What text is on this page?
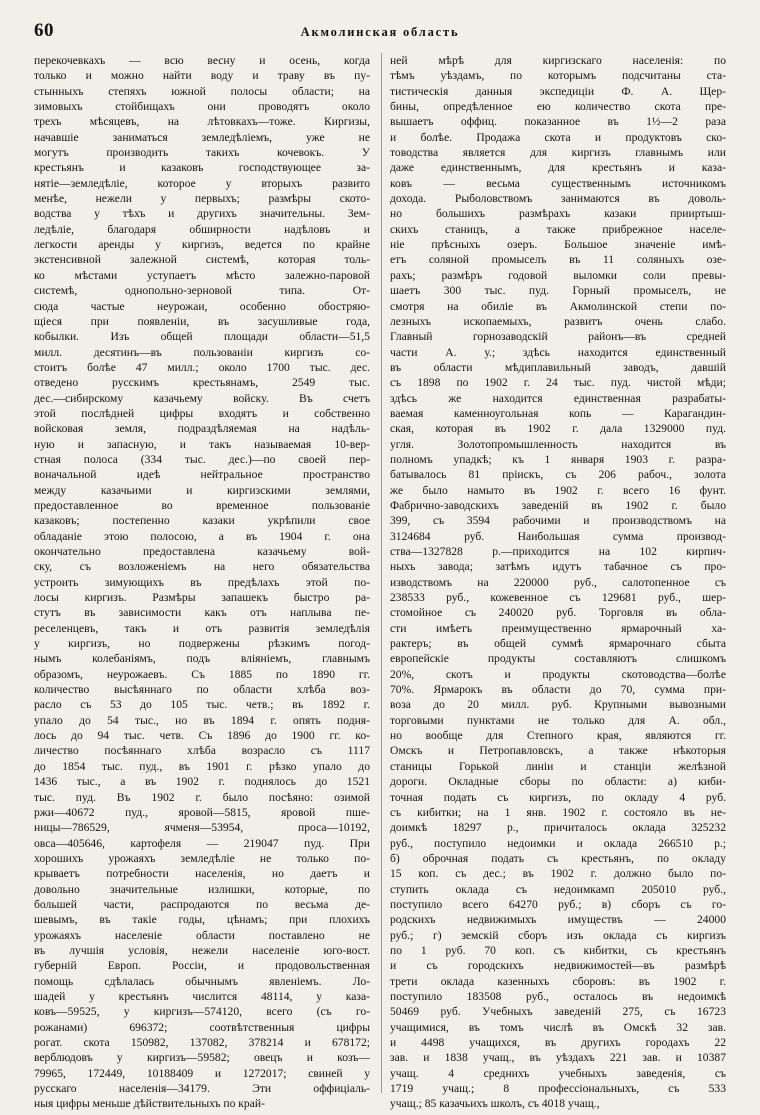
60	Акмолинская область
перекочевкахъ — всю весну и осень, когда
только и можно найти воду и траву въ пу-
стынныхъ степяхъ южной полосы области; на
зимовыхъ стойбищахъ они проводятъ около
трехъ мѣсяцевъ, на лѣтовкахъ—тоже. Киргизы,
начавшіе заниматься земледѣліемъ, уже не
могутъ производить такихъ кочевокъ. У
крестьянъ и казаковъ господствующее за-
нятіе—земледѣліе, которое у вторыхъ развито
менѣе, нежели у первыхъ; размѣры ското-
водства у тѣхъ и другихъ значительны. Зем-
ледѣліе, благодаря обширности надѣловъ и
легкости аренды у киргизъ, ведется по крайне
экстенсивной залежной системѣ, которая толь-
ко мѣстами уступаетъ мѣсто залежно-паровой
системѣ, однопольно-зерновой типа. От-
сюда частые неурожаи, особенно обостряю-
щіеся при появленіи, въ засушливые года,
кобылки. Изъ общей площади области—51,5
милл. десятинъ—въ пользованіи киргизъ со-
стоитъ болѣе 47 милл.; около 1700 тыс. дес.
отведено русскимъ крестьянамъ, 2549 тыс.
дес.—сибирскому казачьему войску. Въ счетъ
этой послѣдней цифры входятъ и собственно
войсковая земля, подраздѣляемая на надѣль-
ную и запасную, и такъ называемая 10-вер-
стная полоса (334 тыс. дес.)—по своей пер-
воначальной идеѣ нейтральное пространство
между казачьими и киргизскими землями,
предоставленное во временное пользованіе
казаковъ; постепенно казаки укрѣпили свое
обладаніе этою полосою, а въ 1904 г. она
окончательно предоставлена казачьему вой-
ску, съ возложеніемъ на него обязательства
устроить зимующихъ въ предѣлахъ этой по-
лосы киргизъ. Размѣры запашекъ быстро ра-
стутъ въ зависимости какъ отъ наплыва пе-
реселенцевъ, такъ и отъ развитія земледѣлія
у киргизъ, но подвержены рѣзкимъ погод-
нымъ колебаніямъ, подъ вліяніемъ, главнымъ
образомъ, неурожаевъ. Съ 1885 по 1890 гг.
количество высѣяннаго по области хлѣба воз-
расло съ 53 до 105 тыс. четв.; въ 1892 г.
упало до 54 тыс., но въ 1894 г. опять подня-
лось до 94 тыс. четв. Съ 1896 до 1900 гг. ко-
личество посѣяннаго хлѣба возрасло съ 1117
до 1854 тыс. пуд., въ 1901 г. рѣзко упало до
1436 тыс., а въ 1902 г. поднялось до 1521
тыс. пуд. Въ 1902 г. было посѣяно: озимой
ржи—40672 пуд., яровой—5815, яровой пше-
ницы—786529, ячменя—53954, проса—10192,
овса—405646, картофеля — 219047 пуд. При
хорошихъ урожаяхъ земледѣліе не только по-
крываетъ потребности населенія, но даетъ и
довольно значительные излишки, которые, по
большей части, распродаются по весьма де-
шевымъ, въ такіе годы, цѣнамъ; при плохихъ
урожаяхъ населеніе области поставлено не
въ лучшія условія, нежели населеніе юго-вост.
губерній Европ. Россіи, и продовольственная
помощь сдѣлалась обычнымъ явленіемъ. Ло-
шадей у крестьянъ числится 48114, у каза-
ковъ—59525, у киргизъ—574120, всего (съ го-
рожанами) 696372; соотвѣтственныя цифры
рогат. скота 150982, 137082, 378214 и 678172;
верблюдовъ у киргизъ—59582; овецъ и козъ—
79965, 172449, 10188409 и 1272017; свиней у
русскаго населенія—34179. Эти оффиціаль-
ныя цифры меньше дѣйствительныхъ по край-
ней мѣрѣ для киргизскаго населенія: по
тѣмъ уѣздамъ, по которымъ подсчитаны ста-
тистическія данныя экспедиціи Ф. А. Щер-
бины, опредѣленное ею количество скота пре-
вышаетъ оффиц. показанное въ 1½—2 раза
и болѣе. Продажа скота и продуктовъ ско-
товодства является для киргизъ главнымъ или
даже единственнымъ, для крестьянъ и каза-
ковъ — весьма существеннымъ источникомъ
дохода. Рыболовствомъ занимаются въ доволь-
но большихъ размѣрахъ казаки прииртыш-
скихъ станицъ, а также прибрежное населе-
ніе прѣсныхъ озеръ. Большое значеніе имѣ-
етъ соляной промыселъ въ 11 соляныхъ озе-
рахъ; размѣръ годовой выломки соли превы-
шаетъ 300 тыс. пуд. Горный промыселъ, не
смотря на обиліе въ Акмолинской степи по-
лезныхъ ископаемыхъ, развитъ очень слабо.
Главный горнозаводскій районъ—въ средней
части А. у.; здѣсь находится единственный
въ области мѣдиплавильный заводъ, давшій
съ 1898 по 1902 г. 24 тыс. пуд. чистой мѣди;
здѣсь же находится единственная разрабаты-
ваемая каменноугольная копь — Карагандин-
ская, которая въ 1902 г. дала 1329000 пуд.
угля. Золотопромышленность находится въ
полномъ упадкѣ; къ 1 января 1903 г. разра-
батывалось 81 пріискъ, съ 206 рабоч., золота
же было намыто въ 1902 г. всего 16 фунт.
Фабрично-заводскихъ заведеній въ 1902 г. было
399, съ 3594 рабочими и производствомъ на
3124684 руб. Наибольшая сумма производ-
ства—1327828 р.—приходится на 102 кирпич-
ныхъ завода; затѣмъ идутъ табачное съ про-
изводствомъ на 220000 руб., салотопенное съ
238533 руб., кожевенное съ 129681 руб., шер-
стомойное съ 240020 руб. Торговля въ обла-
сти имѣетъ преимущественно ярмарочный ха-
рактеръ; въ общей суммѣ ярмарочнаго сбыта
европейскіе продукты составляютъ слишкомъ
20%, скотъ и продукты скотоводства—болѣе
70%. Ярмарокъ въ области до 70, сумма при-
воза до 20 милл. руб. Крупными вывозными
торговыми пунктами не только для А. обл.,
но вообще для Степного края, являются гг.
Омскъ и Петропавловскъ, а также нѣкоторыя
станицы Горькой линіи и станціи желѣзной
дороги. Окладные сборы по области: а) киби-
точная подать съ киргизъ, по окладу 4 руб.
съ кибитки; на 1 янв. 1902 г. состояло въ не-
доимкѣ 18297 р., причиталось оклада 325232
руб., поступило недоимки и оклада 266510 р.;
б) оброчная подать съ крестьянъ, по окладу
15 коп. съ дес.; въ 1902 г. должно было по-
ступить оклада съ недоимкамп 205010 руб.,
поступило всего 64270 руб.; в) сборъ съ го-
родскихъ недвижимыхъ имуществъ — 24000
руб.; г) земскій сборъ изъ оклада съ киргизъ
по 1 руб. 70 коп. съ кибитки, съ крестьянъ
и съ городскихъ недвижимостей—въ размѣрѣ
трети оклада казенныхъ сборовъ: въ 1902 г.
поступило 183508 руб., осталось въ недоимкѣ
50469 руб. Учебныхъ заведеній 275, съ 16723
учащимися, въ томъ числѣ въ Омскѣ 32 зав.
и 4498 учащихся, въ другихъ городахъ 22
зав. и 1838 учащ., въ уѣздахъ 221 зав. и 10387
учащ. 4 среднихъ учебныхъ заведенія, съ
1719 учащ.; 8 профессіональныхъ, съ 533
учащ.; 85 казачьихъ школъ, съ 4018 учащ.,
